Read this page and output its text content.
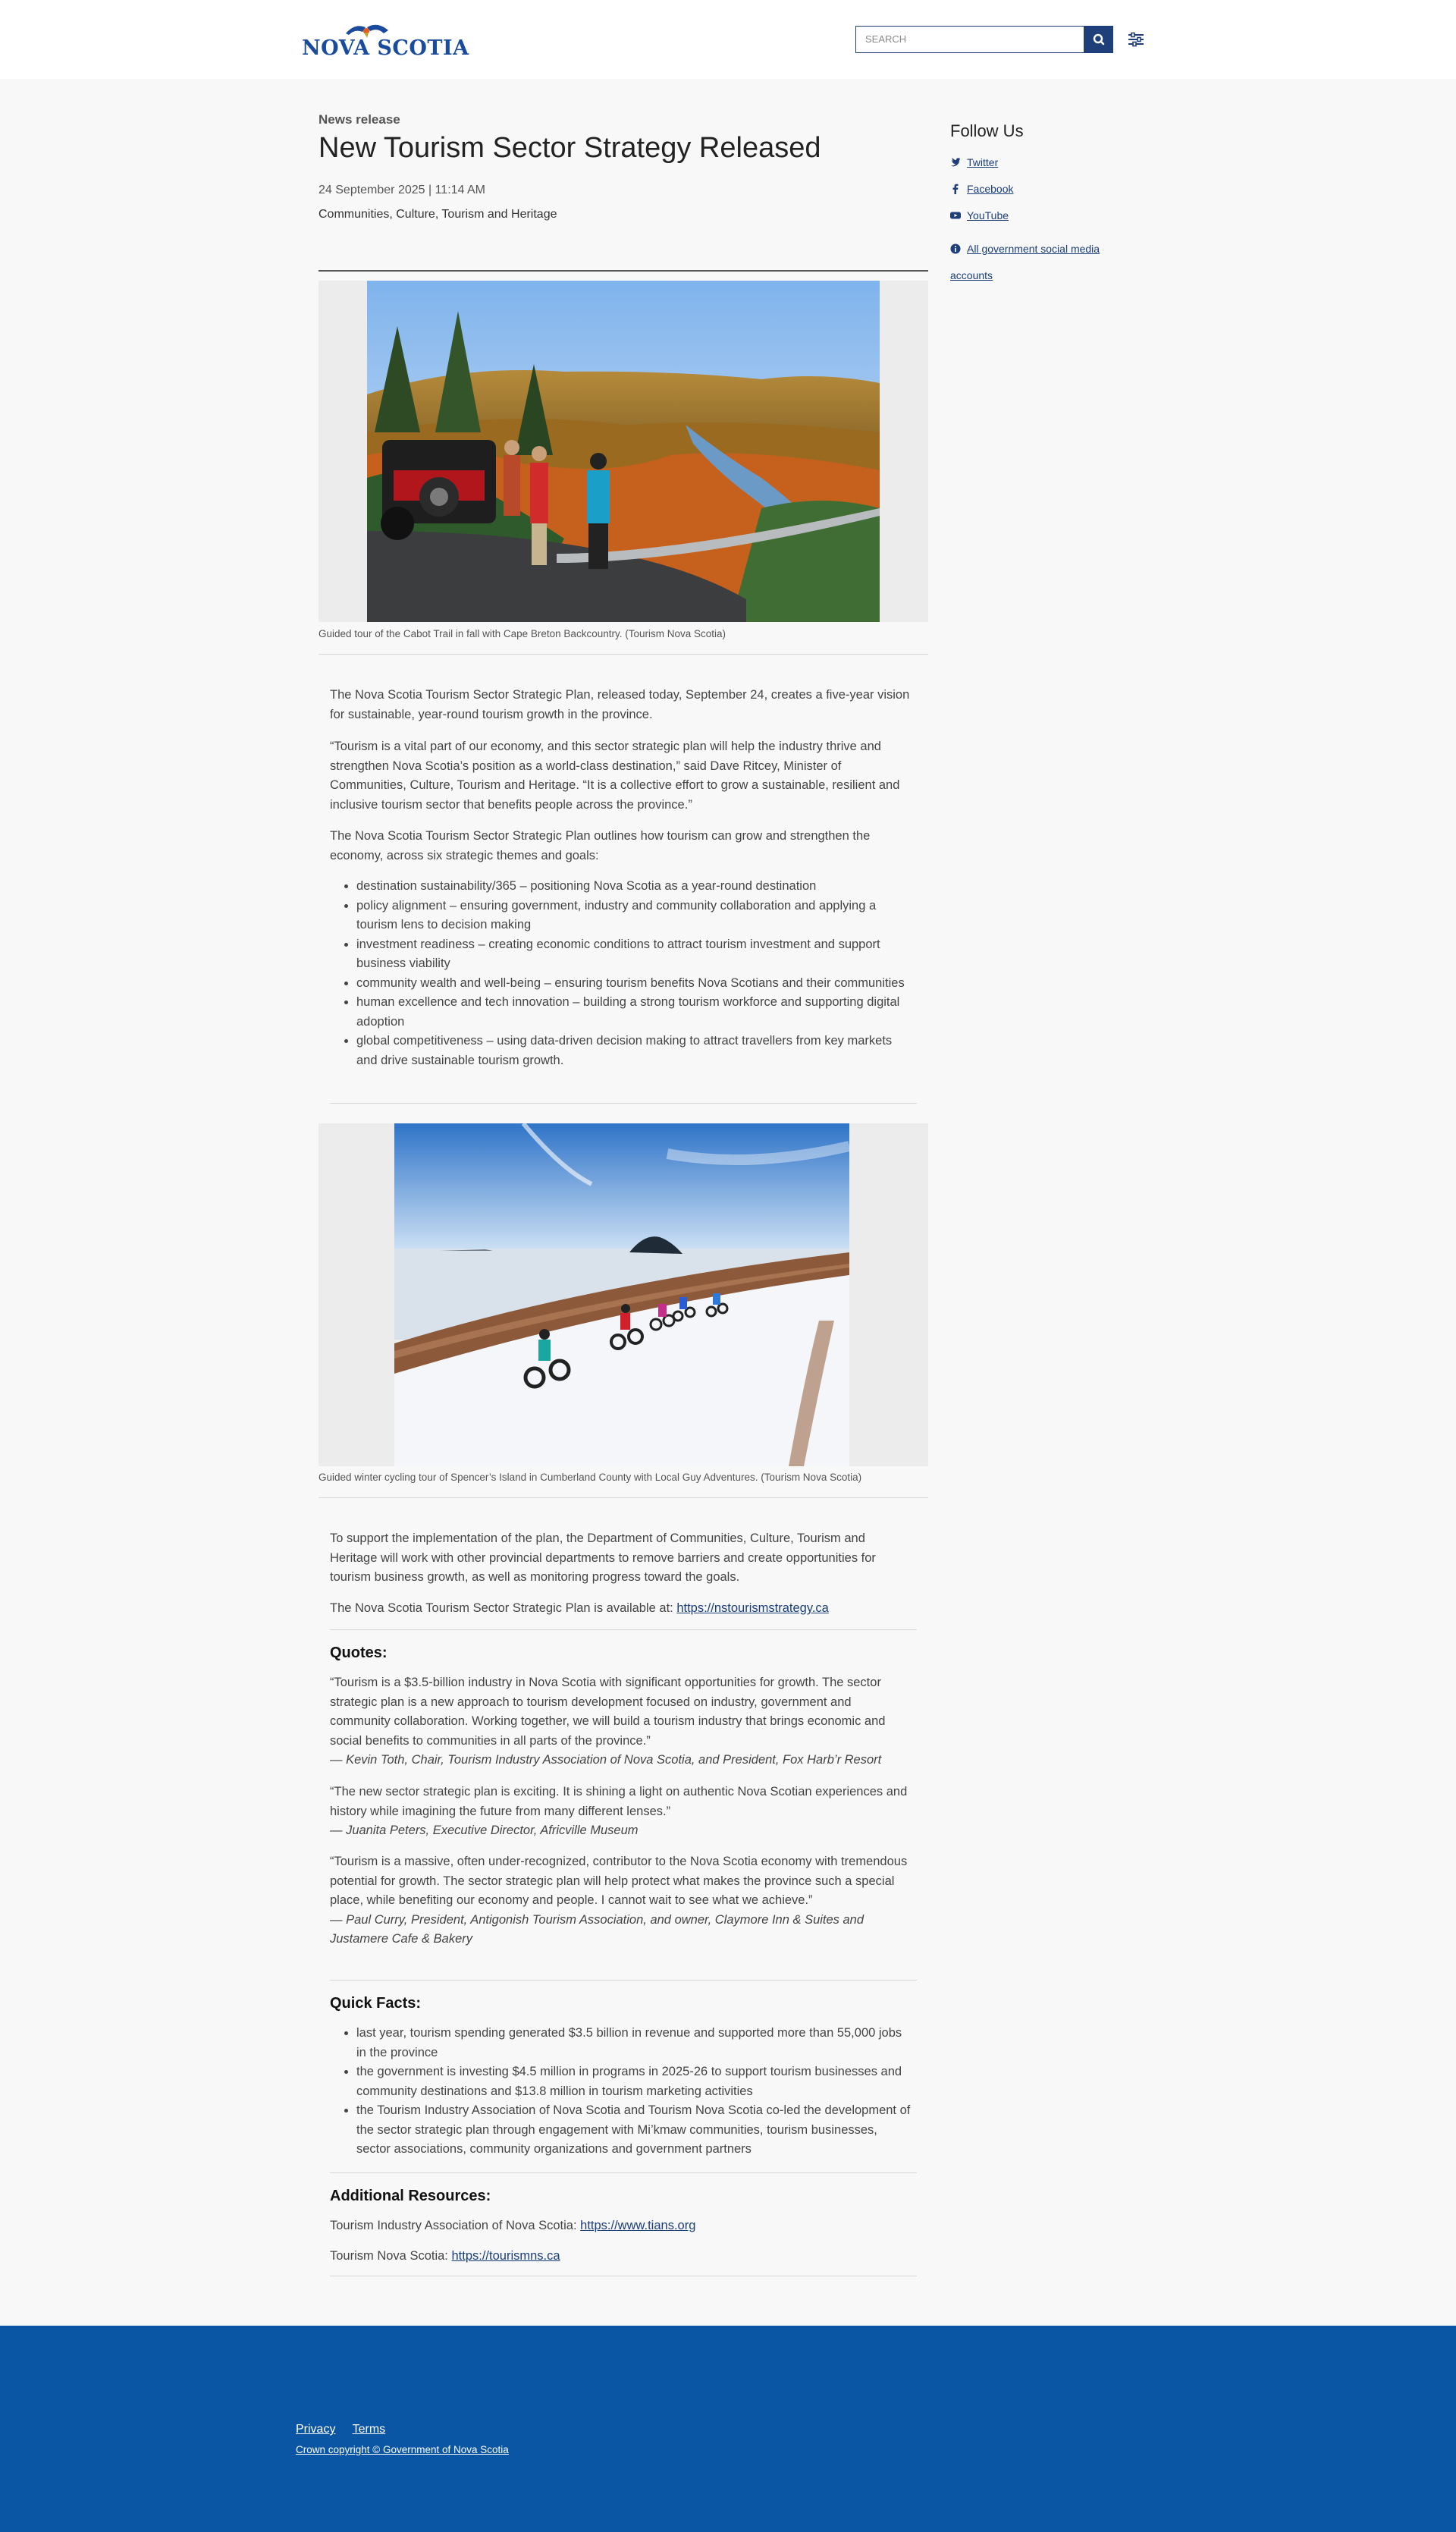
NOVA SCOTIA	SEARCH
News release
New Tourism Sector Strategy Released
24 September 2025 | 11:14 AM
Communities, Culture, Tourism and Heritage
Guided tour of the Cabot Trail in fall with Cape Breton Backcountry. (Tourism Nova Scotia)
The Nova Scotia Tourism Sector Strategic Plan, released today, September 24, creates a five-year vision for sustainable, year-round tourism growth in the province.
“Tourism is a vital part of our economy, and this sector strategic plan will help the industry thrive and strengthen Nova Scotia’s position as a world-class destination,” said Dave Ritcey, Minister of Communities, Culture, Tourism and Heritage. “It is a collective effort to grow a sustainable, resilient and inclusive tourism sector that benefits people across the province.”
The Nova Scotia Tourism Sector Strategic Plan outlines how tourism can grow and strengthen the economy, across six strategic themes and goals:
• destination sustainability/365 – positioning Nova Scotia as a year-round destination
• policy alignment – ensuring government, industry and community collaboration and applying a tourism lens to decision making
• investment readiness – creating economic conditions to attract tourism investment and support business viability
• community wealth and well-being – ensuring tourism benefits Nova Scotians and their communities
• human excellence and tech innovation – building a strong tourism workforce and supporting digital adoption
• global competitiveness – using data-driven decision making to attract travellers from key markets and drive sustainable tourism growth.
Guided winter cycling tour of Spencer’s Island in Cumberland County with Local Guy Adventures. (Tourism Nova Scotia)
To support the implementation of the plan, the Department of Communities, Culture, Tourism and Heritage will work with other provincial departments to remove barriers and create opportunities for tourism business growth, as well as monitoring progress toward the goals.
The Nova Scotia Tourism Sector Strategic Plan is available at: https://nstourismstrategy.ca
Quotes:

“Tourism is a $3.5-billion industry in Nova Scotia with significant opportunities for growth. The sector strategic plan is a new approach to tourism development focused on industry, government and community collaboration. Working together, we will build a tourism industry that brings economic and social benefits to communities in all parts of the province.”

— Kevin Toth, Chair, Tourism Industry Association of Nova Scotia, and President, Fox Harb’r Resort

“The new sector strategic plan is exciting. It is shining a light on authentic Nova Scotian experiences and history while imagining the future from many different lenses.”

— Juanita Peters, Executive Director, Africville Museum

“Tourism is a massive, often under-recognized, contributor to the Nova Scotia economy with tremendous potential for growth. The sector strategic plan will help protect what makes the province such a special place, while benefiting our economy and people. I cannot wait to see what we achieve.”

— Paul Curry, President, Antigonish Tourism Association, and owner, Claymore Inn & Suites and Justamere Cafe & Bakery

Quick Facts:
• last year, tourism spending generated $3.5 billion in revenue and supported more than 55,000 jobs in the province
• the government is investing $4.5 million in programs in 2025-26 to support tourism businesses and community destinations and $13.8 million in tourism marketing activities
• the Tourism Industry Association of Nova Scotia and Tourism Nova Scotia co-led the development of the sector strategic plan through engagement with Mi’kmaw communities, tourism businesses, sector associations, community organizations and government partners
Additional Resources:
Tourism Industry Association of Nova Scotia: https://www.tians.org
Tourism Nova Scotia: https://tourismns.ca
Follow Us
Twitter
Facebook
YouTube
All government social media
accounts
Privacy Terms
Crown copyright © Government of Nova Scotia
